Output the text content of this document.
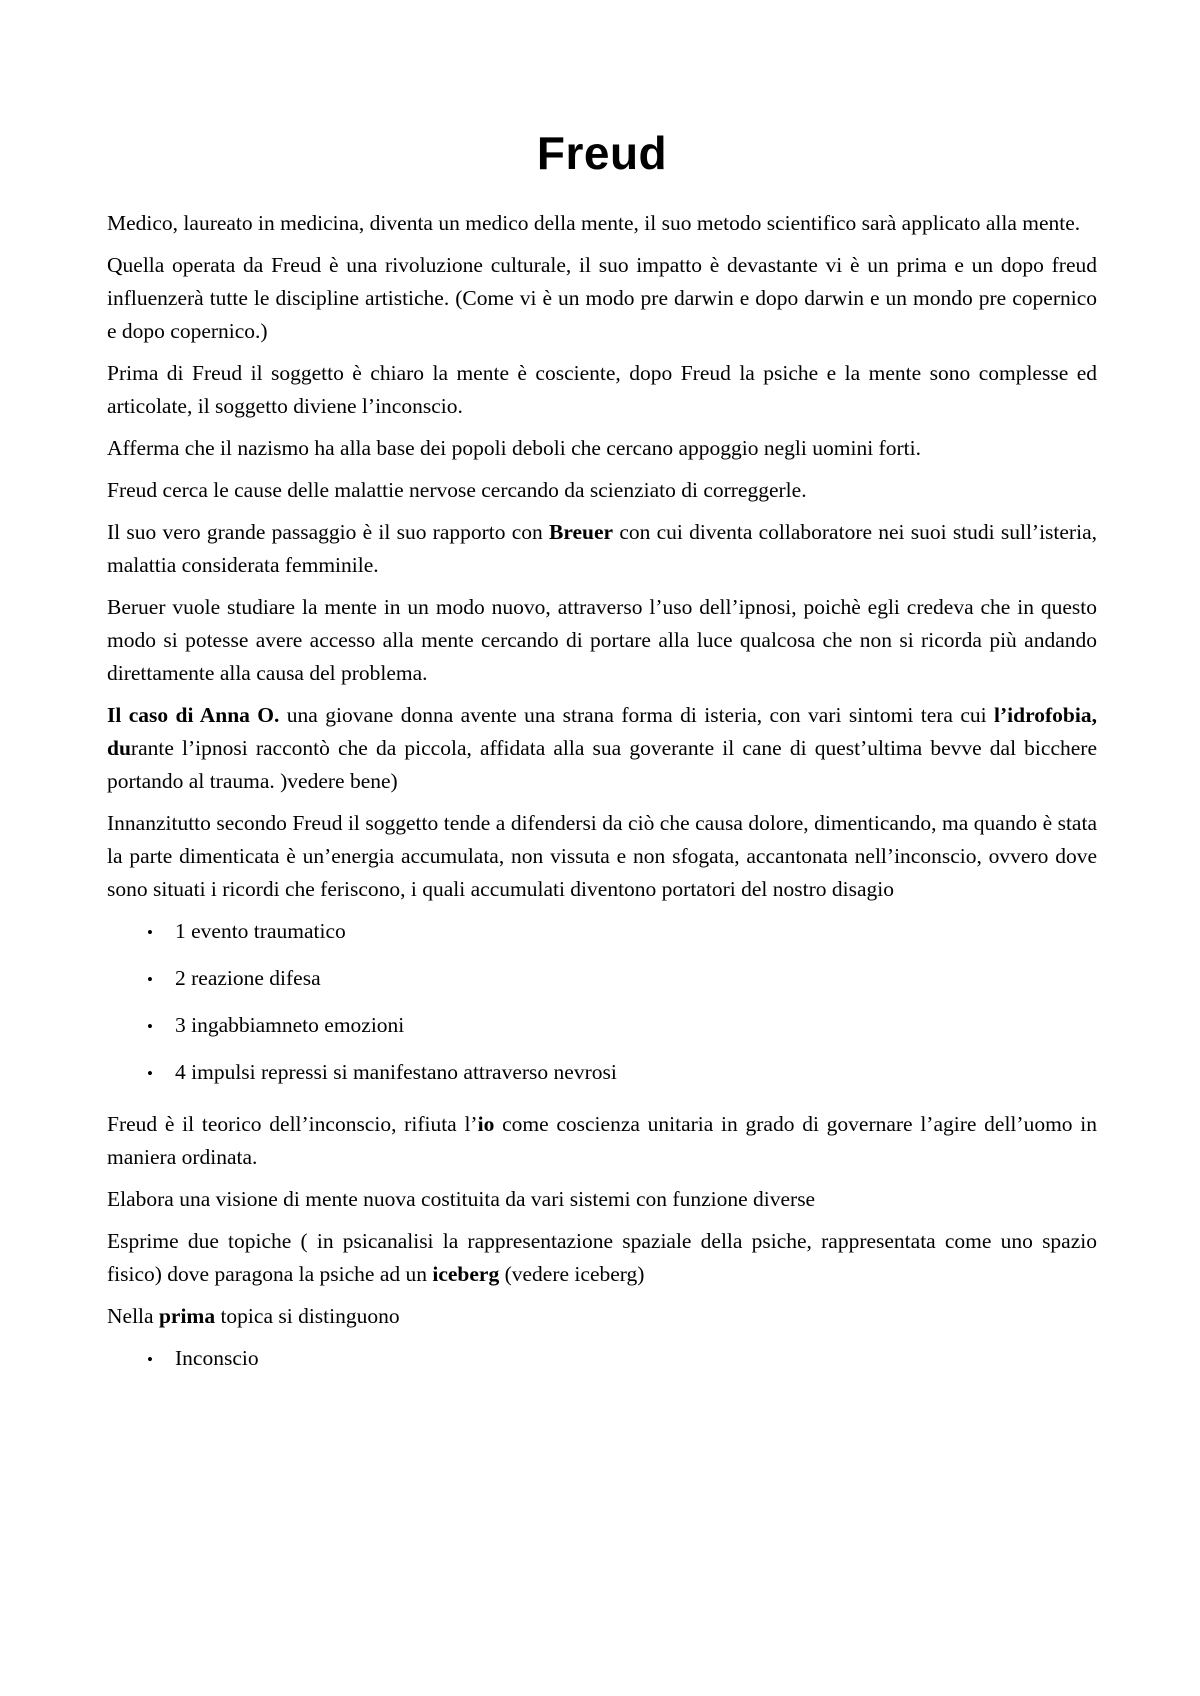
Freud

Medico, laureato in medicina, diventa un medico della mente, il suo metodo scientifico sarà applicato alla mente.

Quella operata da Freud è una rivoluzione culturale, il suo impatto è devastante vi è un prima e un dopo freud influenzerà tutte le discipline artistiche. (Come vi è un modo pre darwin e dopo darwin e un mondo pre copernico e dopo copernico.)

Prima di Freud il soggetto è chiaro la mente è cosciente, dopo Freud la psiche e la mente sono complesse ed articolate, il soggetto diviene l’inconscio.

Afferma che il nazismo ha alla base dei popoli deboli che cercano appoggio negli uomini forti.

Freud cerca le cause delle malattie nervose cercando da scienziato di correggerle.

Il suo vero grande passaggio è il suo rapporto con Breuer con cui diventa collaboratore nei suoi studi sull’isteria, malattia considerata femminile.

Beruer vuole studiare la mente in un modo nuovo, attraverso l’uso dell’ipnosi, poichè egli credeva che in questo modo si potesse avere accesso alla mente cercando di portare alla luce qualcosa che non si ricorda più andando direttamente alla causa del problema.

Il caso di Anna O. una giovane donna avente una strana forma di isteria, con vari sintomi tera cui l’idrofobia, durante l’ipnosi raccontò che da piccola, affidata alla sua goverante il cane di quest’ultima bevve dal bicchere portando al trauma. )vedere bene)

Innanzitutto secondo Freud il soggetto tende a difendersi da ciò che causa dolore, dimenticando, ma quando è stata la parte dimenticata è un’energia accumulata, non vissuta e non sfogata, accantonata nell’inconscio, ovvero dove sono situati i ricordi che feriscono, i quali accumulati diventono portatori del nostro disagio

• 1 evento traumatico
• 2 reazione difesa
• 3 ingabbiamneto emozioni
• 4 impulsi repressi si manifestano attraverso nevrosi

Freud è il teorico dell’inconscio, rifiuta l’io come coscienza unitaria in grado di governare l’agire dell’uomo in maniera ordinata.

Elabora una visione di mente nuova costituita da vari sistemi con funzione diverse

Esprime due topiche ( in psicanalisi la rappresentazione spaziale della psiche, rappresentata come uno spazio fisico) dove paragona la psiche ad un iceberg (vedere iceberg)

Nella prima topica si distinguono

• Inconscio
